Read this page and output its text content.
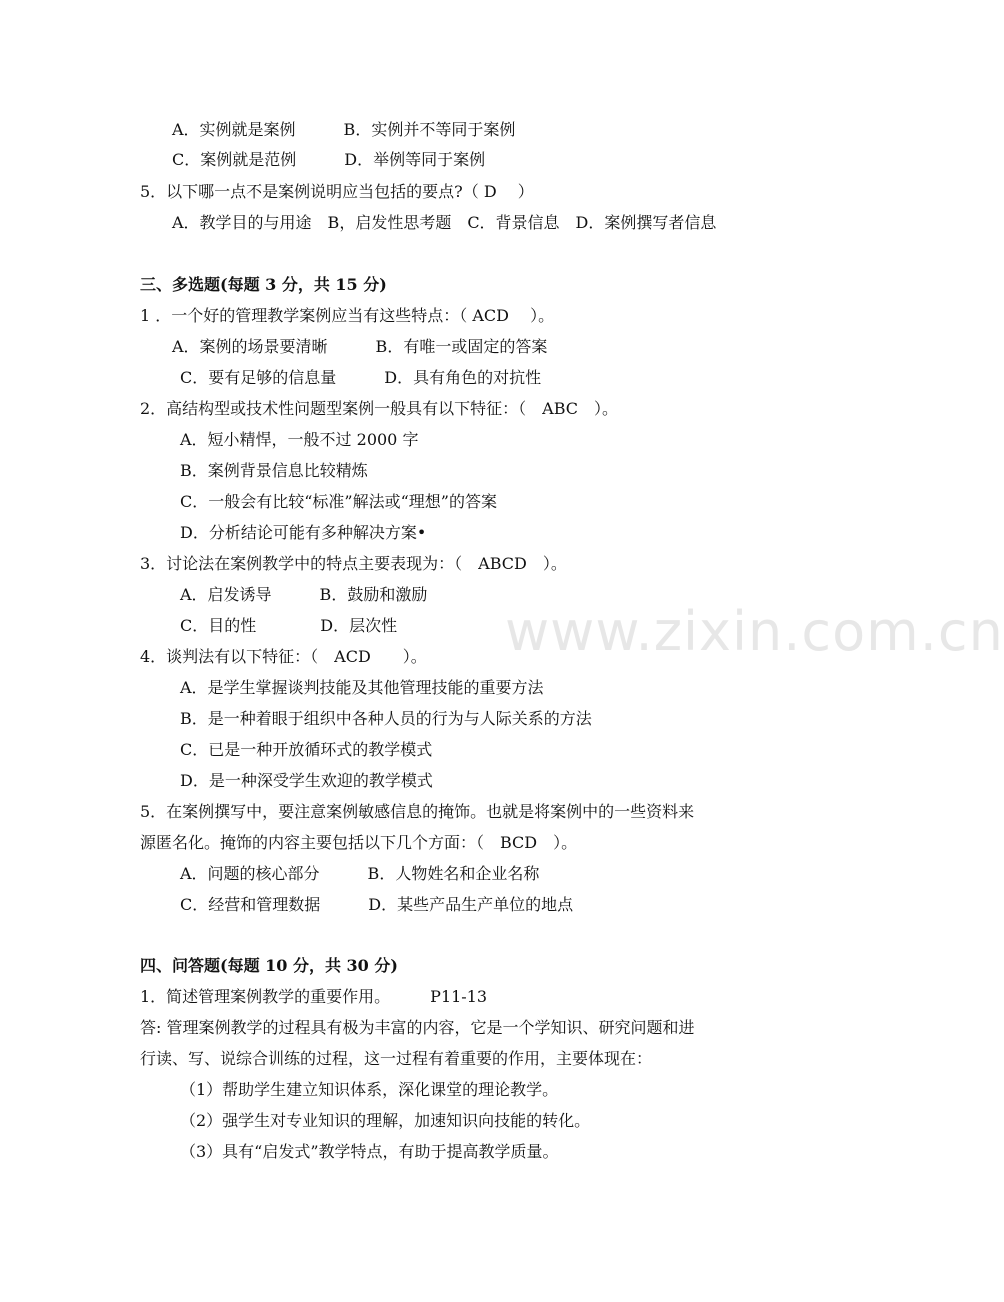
www.zixin.com.cn
A．实例就是案例　　　B．实例并不等同于案例
C．案例就是范例　　　D．举例等同于案例
5．以下哪一点不是案例说明应当包括的要点?（ D　 ）
A．教学目的与用途　B，启发性思考题　C．背景信息　D．案例撰写者信息
三、多选题(每题 3 分，共 15 分)
1 ．一个好的管理教学案例应当有这些特点：（ ACD　 ）。
A．案例的场景要清晰　　　B．有唯一或固定的答案
C．要有足够的信息量　　　D．具有角色的对抗性
2．高结构型或技术性问题型案例一般具有以下特征：（　ABC　）。
A．短小精悍，一般不过 2000 字
B．案例背景信息比较精炼
C．一般会有比较“标准”解法或“理想”的答案
D．分析结论可能有多种解决方案•
3．讨论法在案例教学中的特点主要表现为：（　ABCD　）。
A．启发诱导　　　B．鼓励和激励
C．目的性　　　　D．层次性
4．谈判法有以下特征：（　ACD　　）。
A．是学生掌握谈判技能及其他管理技能的重要方法
B．是一种着眼于组织中各种人员的行为与人际关系的方法
C．已是一种开放循环式的教学模式
D．是一种深受学生欢迎的教学模式
5．在案例撰写中，要注意案例敏感信息的掩饰。也就是将案例中的一些资料来
源匿名化。掩饰的内容主要包括以下几个方面：（　BCD　）。
A．问题的核心部分　　　B．人物姓名和企业名称
C．经营和管理数据　　　D．某些产品生产单位的地点
四、问答题(每题 10 分，共 30 分)
1．简述管理案例教学的重要作用。　　　P11-13
答: 管理案例教学的过程具有极为丰富的内容，它是一个学知识、研究问题和进
行读、写、说综合训练的过程，这一过程有着重要的作用，主要体现在：
（1）帮助学生建立知识体系，深化课堂的理论教学。
（2）强学生对专业知识的理解，加速知识向技能的转化。
（3）具有“启发式”教学特点，有助于提高教学质量。
